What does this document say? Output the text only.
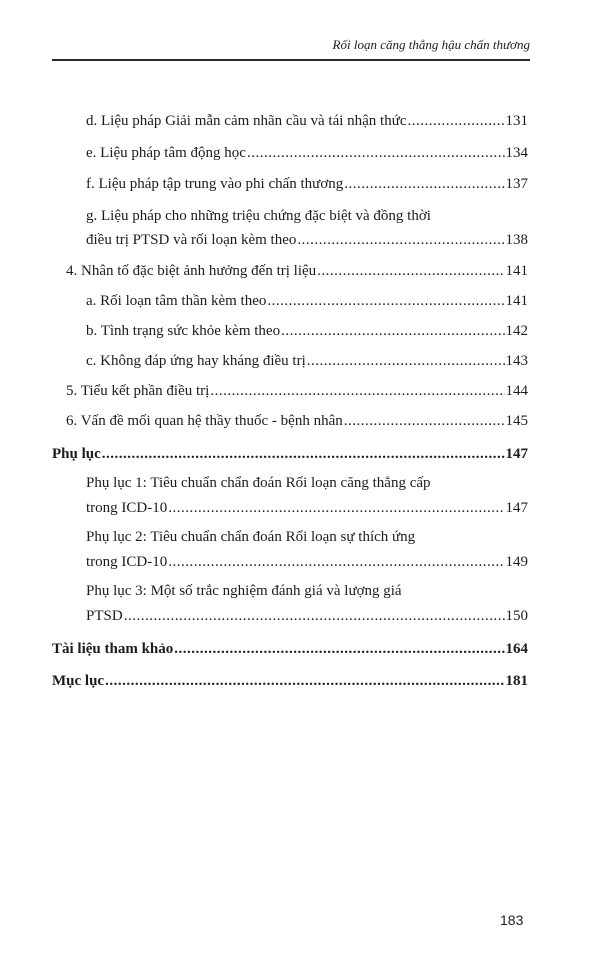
Rối loạn căng thẳng hậu chấn thương
d. Liệu pháp Giải mẫn cảm nhãn cầu và tái nhận thức .....	131
e. Liệu pháp tâm động học .....	134
f. Liệu pháp tập trung vào phi chấn thương .....	137
g. Liệu pháp cho những triệu chứng đặc biệt và đồng thời
điều trị PTSD và rối loạn kèm theo .....	138
4. Nhân tố đặc biệt ảnh hưởng đến trị liệu .....	141
a. Rối loạn tâm thần kèm theo .....	141
b. Tình trạng sức khỏe kèm theo .....	142
c. Không đáp ứng hay kháng điều trị .....	143
5. Tiểu kết phần điều trị .....	144
6. Vấn đề mối quan hệ thầy thuốc - bệnh nhân .....	145
Phụ lục .....	147
Phụ lục 1: Tiêu chuẩn chẩn đoán Rối loạn căng thẳng cấp
trong ICD-10 .....	147
Phụ lục 2: Tiêu chuẩn chẩn đoán Rối loạn sự thích ứng
trong ICD-10 .....	149
Phụ lục 3: Một số trắc nghiệm đánh giá và lượng giá
PTSD .....	150
Tài liệu tham khảo .....	164
Mục lục .....	181
183
